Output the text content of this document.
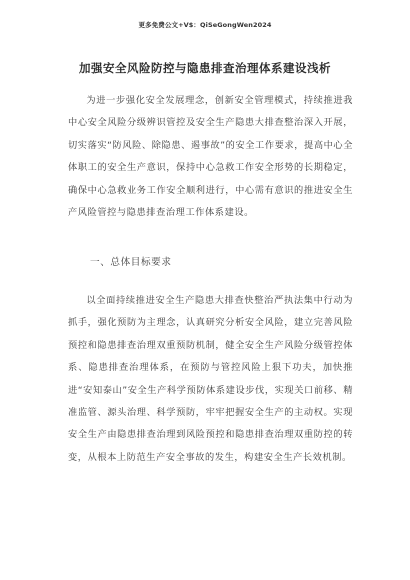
更多免费公文+V$：QiSeGongWen2024
加强安全风险防控与隐患排查治理体系建设浅析

为进一步强化安全发展理念，创新安全管理模式，持续推进我中心安全风险分级辨识管控及安全生产隐患大排查整治深入开展，切实落实“防风险、除隐患、遏事故”的安全工作要求，提高中心全体职工的安全生产意识，保持中心急救工作安全形势的长期稳定，确保中心急救业务工作安全顺利进行，中心需有意识的推进安全生产风险管控与隐患排查治理工作体系建设。

一、总体目标要求

以全面持续推进安全生产隐患大排查快整治严执法集中行动为抓手，强化预防为主理念，认真研究分析安全风险，建立完善风险预控和隐患排查治理双重预防机制，健全安全生产风险分级管控体系、隐患排查治理体系，在预防与管控风险上狠下功夫，加快推进“安知泰山”安全生产科学预防体系建设步伐，实现关口前移、精准监管、源头治理、科学预防，牢牢把握安全生产的主动权。实现安全生产由隐患排查治理到风险预控和隐患排查治理双重防控的转变，从根本上防范生产安全事故的发生，构建安全生产长效机制。
